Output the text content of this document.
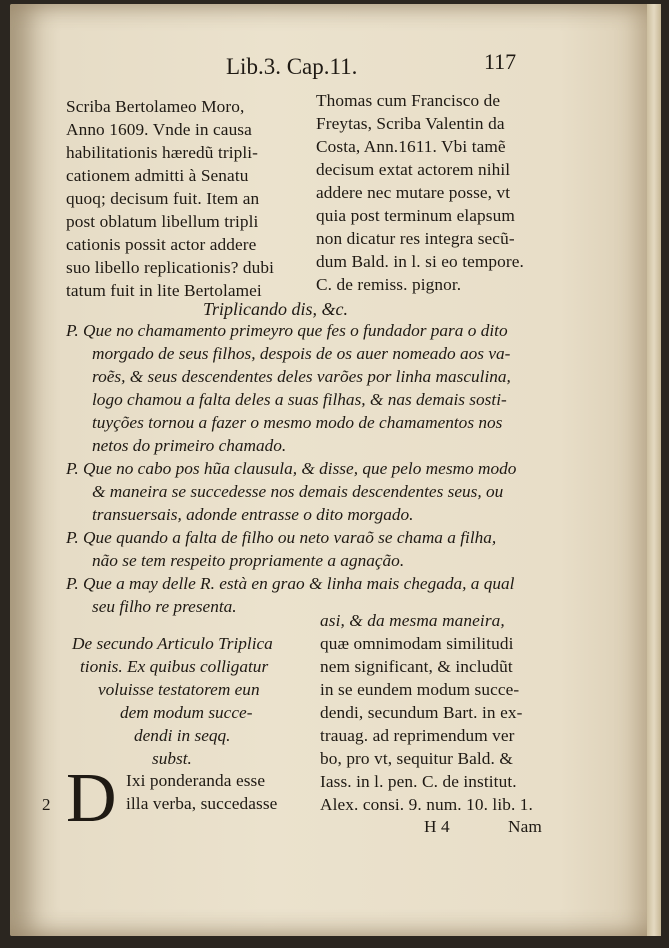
Lib.3. Cap.11.	117
Scriba Bertolameo Moro,
Anno 1609. Vnde in causa
habilitationis hæredũ tripli-
cationem admitti à Senatu
quoq; decisum fuit. Item an
post oblatum libellum tripli
cationis possit actor addere
suo libello replicationis? dubi
tatum fuit in lite Bertolamei
Thomas cum Francisco de
Freytas, Scriba Valentin da
Costa, Ann.1611. Vbi tamẽ
decisum extat actorem nihil
addere nec mutare posse, vt
quia post terminum elapsum
non dicatur res integra secũ-
dum Bald. in l. si eo tempore.
C. de remiss. pignor.
Triplicando dis, &c.
P. Que no chamamento primeyro que fes o fundador para o dito
morgado de seus filhos, despois de os auer nomeado aos va-
roẽs, & seus descendentes deles varões por linha masculina,
logo chamou a falta deles a suas filhas, & nas demais sosti-
tuyções tornou a fazer o mesmo modo de chamamentos nos
netos do primeiro chamado.
P. Que no cabo pos hũa clausula, & disse, que pelo mesmo modo
& maneira se succedesse nos demais descendentes seus, ou
transuersais, adonde entrasse o dito morgado.
P. Que quando a falta de filho ou neto varaõ se chama a filha,
não se tem respeito propriamente a agnação.
P. Que a may delle R. està en grao & linha mais chegada, a qual
seu filho re presenta.
De secundo Articulo Triplica
tionis. Ex quibus colligatur
voluisse testatorem eun
dem modum succe-
dendi in seqq.
subst.
D
2
Ixi ponderanda esse
illa verba, succedasse
asi, & da mesma maneira,
quæ omnimodam similitudi
nem significant, & includũt
in se eundem modum succe-
dendi, secundum Bart. in ex-
trauag. ad reprimendum ver
bo, pro vt, sequitur Bald. &
Iass. in l. pen. C. de institut.
Alex. consi. 9. num. 10. lib. 1.
H 4	Nam
